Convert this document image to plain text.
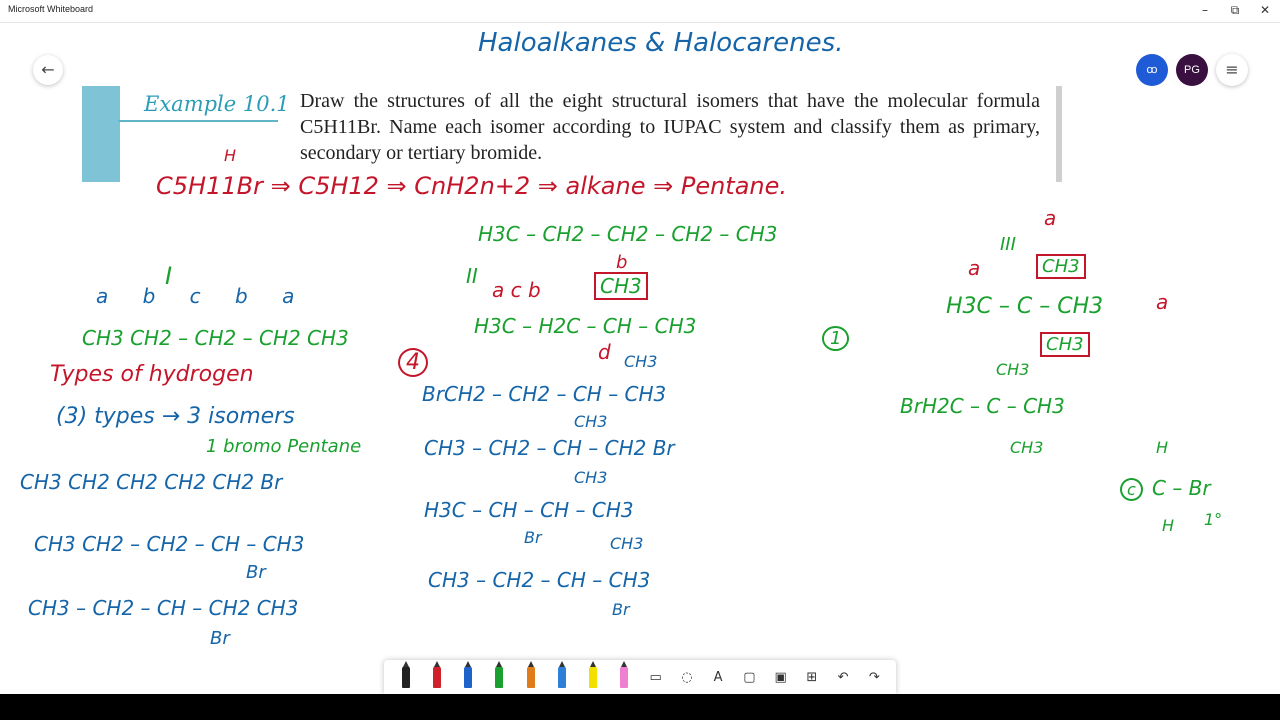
Microsoft Whiteboard	–	⧉	✕
Haloalkanes & Halocarenes.
←	ꝏ	PG	≡
Example 10.1 Draw the structures of all the eight structural isomers that have the molecular formula C5H11Br. Name each isomer according to IUPAC system and classify them as primary, secondary or tertiary bromide.
H
C5H11Br ⇒ C5H12 ⇒ CnH2n+2 ⇒ alkane ⇒ Pentane.
H3C – CH2 – CH2 – CH2 – CH3
I
a b c b a
CH3 CH2 – CH2 – CH2 CH3
Types of hydrogen
(3) types → 3 isomers
1 bromo Pentane
CH3 CH2 CH2 CH2 CH2 Br
CH3 CH2 – CH2 – CH – CH3
Br
CH3 – CH2 – CH – CH2 CH3
Br
II
a c b	CH3
b
H3C – H2C – CH – CH3
d
4	CH3
BrCH2 – CH2 – CH – CH3
CH3
CH3 – CH2 – CH – CH2 Br
CH3
H3C – CH – CH – CH3
Br	CH3
CH3 – CH2 – CH – CH3
Br
1
III
a
CH3
H3C – C – CH3
CH3
a
a
CH3
BrH2C – C – CH3
CH3	H
c C – Br
H 1°
▭	◌	A	▢	▣	⊞	↶	↷
